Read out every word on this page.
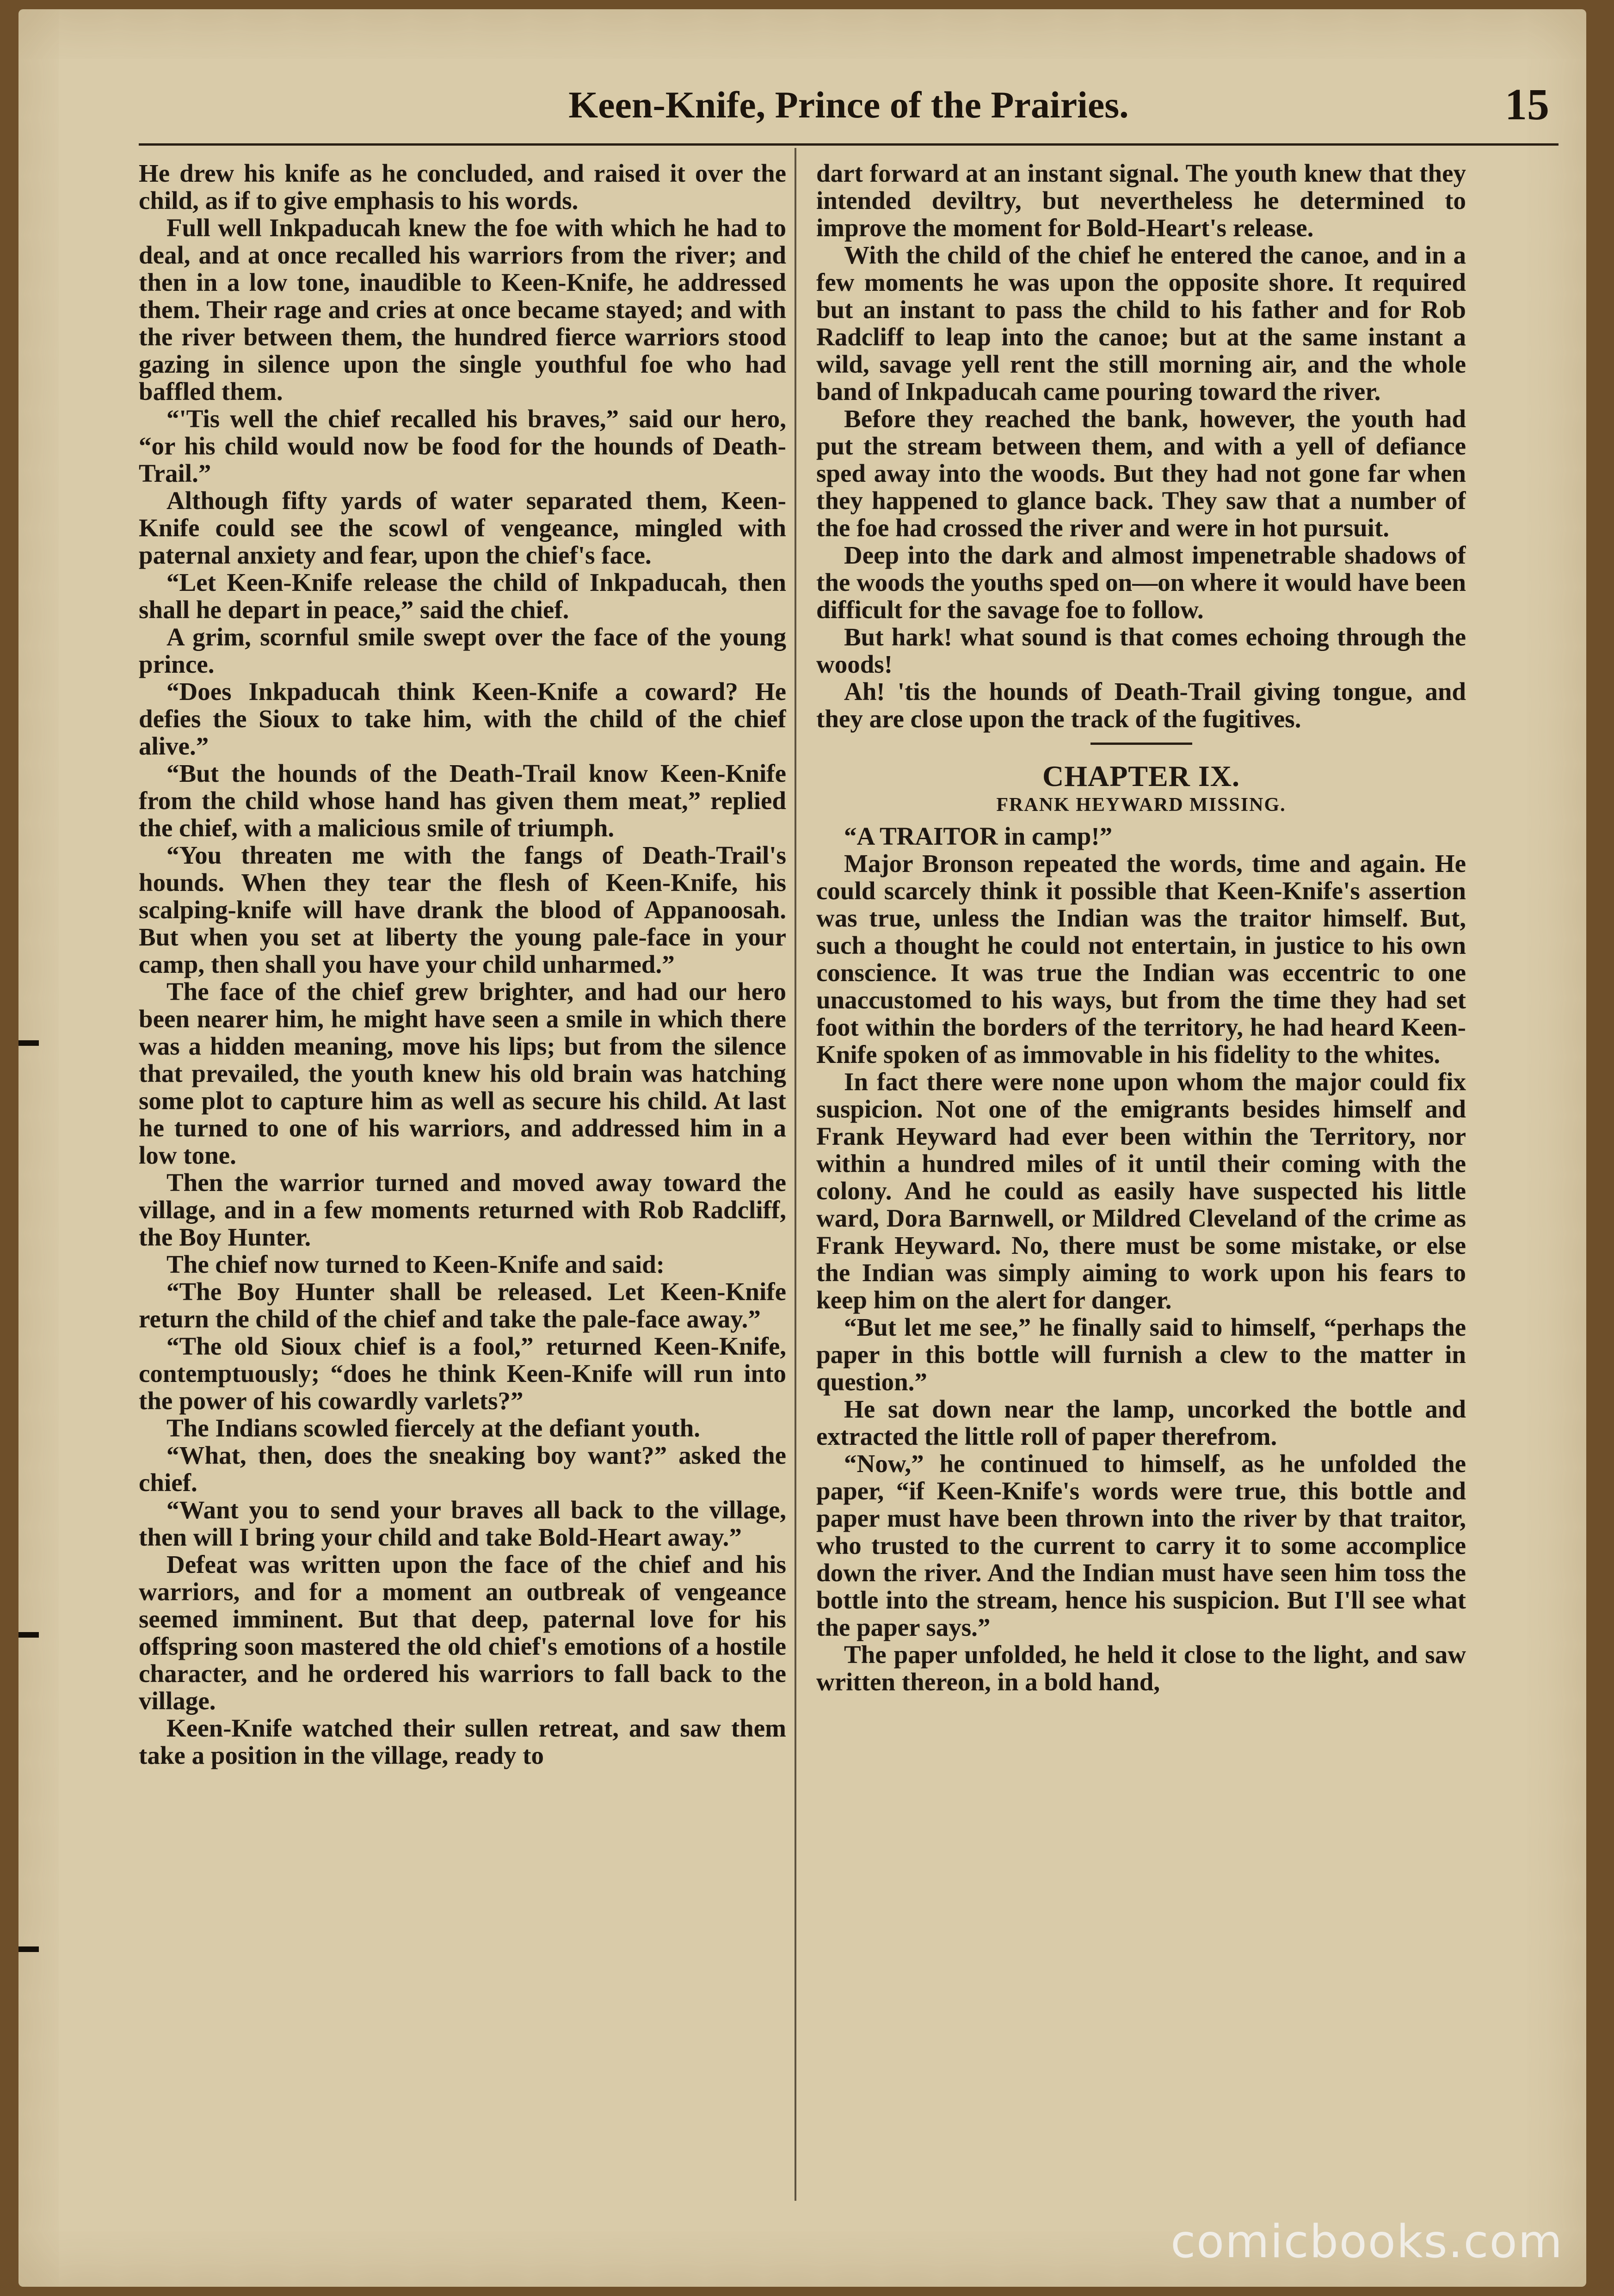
Keen-Knife, Prince of the Prairies.	15

He drew his knife as he concluded, and raised it over the child, as if to give emphasis to his words.

Full well Inkpaducah knew the foe with which he had to deal, and at once recalled his warriors from the river; and then in a low tone, inaudible to Keen-Knife, he addressed them. Their rage and cries at once became stayed; and with the river between them, the hundred fierce warriors stood gazing in silence upon the single youthful foe who had baffled them.

“'Tis well the chief recalled his braves,” said our hero, “or his child would now be food for the hounds of Death-Trail.”

Although fifty yards of water separated them, Keen-Knife could see the scowl of vengeance, mingled with paternal anxiety and fear, upon the chief's face.

“Let Keen-Knife release the child of Inkpaducah, then shall he depart in peace,” said the chief.

A grim, scornful smile swept over the face of the young prince.

“Does Inkpaducah think Keen-Knife a coward? He defies the Sioux to take him, with the child of the chief alive.”

“But the hounds of the Death-Trail know Keen-Knife from the child whose hand has given them meat,” replied the chief, with a malicious smile of triumph.

“You threaten me with the fangs of Death-Trail's hounds. When they tear the flesh of Keen-Knife, his scalping-knife will have drank the blood of Appanoosah. But when you set at liberty the young pale-face in your camp, then shall you have your child unharmed.”

The face of the chief grew brighter, and had our hero been nearer him, he might have seen a smile in which there was a hidden meaning, move his lips; but from the silence that prevailed, the youth knew his old brain was hatching some plot to capture him as well as secure his child. At last he turned to one of his warriors, and addressed him in a low tone.

Then the warrior turned and moved away toward the village, and in a few moments returned with Rob Radcliff, the Boy Hunter.

The chief now turned to Keen-Knife and said:

“The Boy Hunter shall be released. Let Keen-Knife return the child of the chief and take the pale-face away.”

“The old Sioux chief is a fool,” returned Keen-Knife, contemptuously; “does he think Keen-Knife will run into the power of his cowardly varlets?”

The Indians scowled fiercely at the defiant youth.

“What, then, does the sneaking boy want?” asked the chief.

“Want you to send your braves all back to the village, then will I bring your child and take Bold-Heart away.”

Defeat was written upon the face of the chief and his warriors, and for a moment an outbreak of vengeance seemed imminent. But that deep, paternal love for his offspring soon mastered the old chief's emotions of a hostile character, and he ordered his warriors to fall back to the village.

Keen-Knife watched their sullen retreat, and saw them take a position in the village, ready to

dart forward at an instant signal. The youth knew that they intended deviltry, but nevertheless he determined to improve the moment for Bold-Heart's release.

With the child of the chief he entered the canoe, and in a few moments he was upon the opposite shore. It required but an instant to pass the child to his father and for Rob Radcliff to leap into the canoe; but at the same instant a wild, savage yell rent the still morning air, and the whole band of Inkpaducah came pouring toward the river.

Before they reached the bank, however, the youth had put the stream between them, and with a yell of defiance sped away into the woods. But they had not gone far when they happened to glance back. They saw that a number of the foe had crossed the river and were in hot pursuit.

Deep into the dark and almost impenetrable shadows of the woods the youths sped on—on where it would have been difficult for the savage foe to follow.

But hark! what sound is that comes echoing through the woods!

Ah! 'tis the hounds of Death-Trail giving tongue, and they are close upon the track of the fugitives.

CHAPTER IX.
FRANK HEYWARD MISSING.

“A TRAITOR in camp!”

Major Bronson repeated the words, time and again. He could scarcely think it possible that Keen-Knife's assertion was true, unless the Indian was the traitor himself. But, such a thought he could not entertain, in justice to his own conscience. It was true the Indian was eccentric to one unaccustomed to his ways, but from the time they had set foot within the borders of the territory, he had heard Keen-Knife spoken of as immovable in his fidelity to the whites.

In fact there were none upon whom the major could fix suspicion. Not one of the emigrants besides himself and Frank Heyward had ever been within the Territory, nor within a hundred miles of it until their coming with the colony. And he could as easily have suspected his little ward, Dora Barnwell, or Mildred Cleveland of the crime as Frank Heyward. No, there must be some mistake, or else the Indian was simply aiming to work upon his fears to keep him on the alert for danger.

“But let me see,” he finally said to himself, “perhaps the paper in this bottle will furnish a clew to the matter in question.”

He sat down near the lamp, uncorked the bottle and extracted the little roll of paper therefrom.

“Now,” he continued to himself, as he unfolded the paper, “if Keen-Knife's words were true, this bottle and paper must have been thrown into the river by that traitor, who trusted to the current to carry it to some accomplice down the river. And the Indian must have seen him toss the bottle into the stream, hence his suspicion. But I'll see what the paper says.”

The paper unfolded, he held it close to the light, and saw written thereon, in a bold hand,

comicbooks.com
